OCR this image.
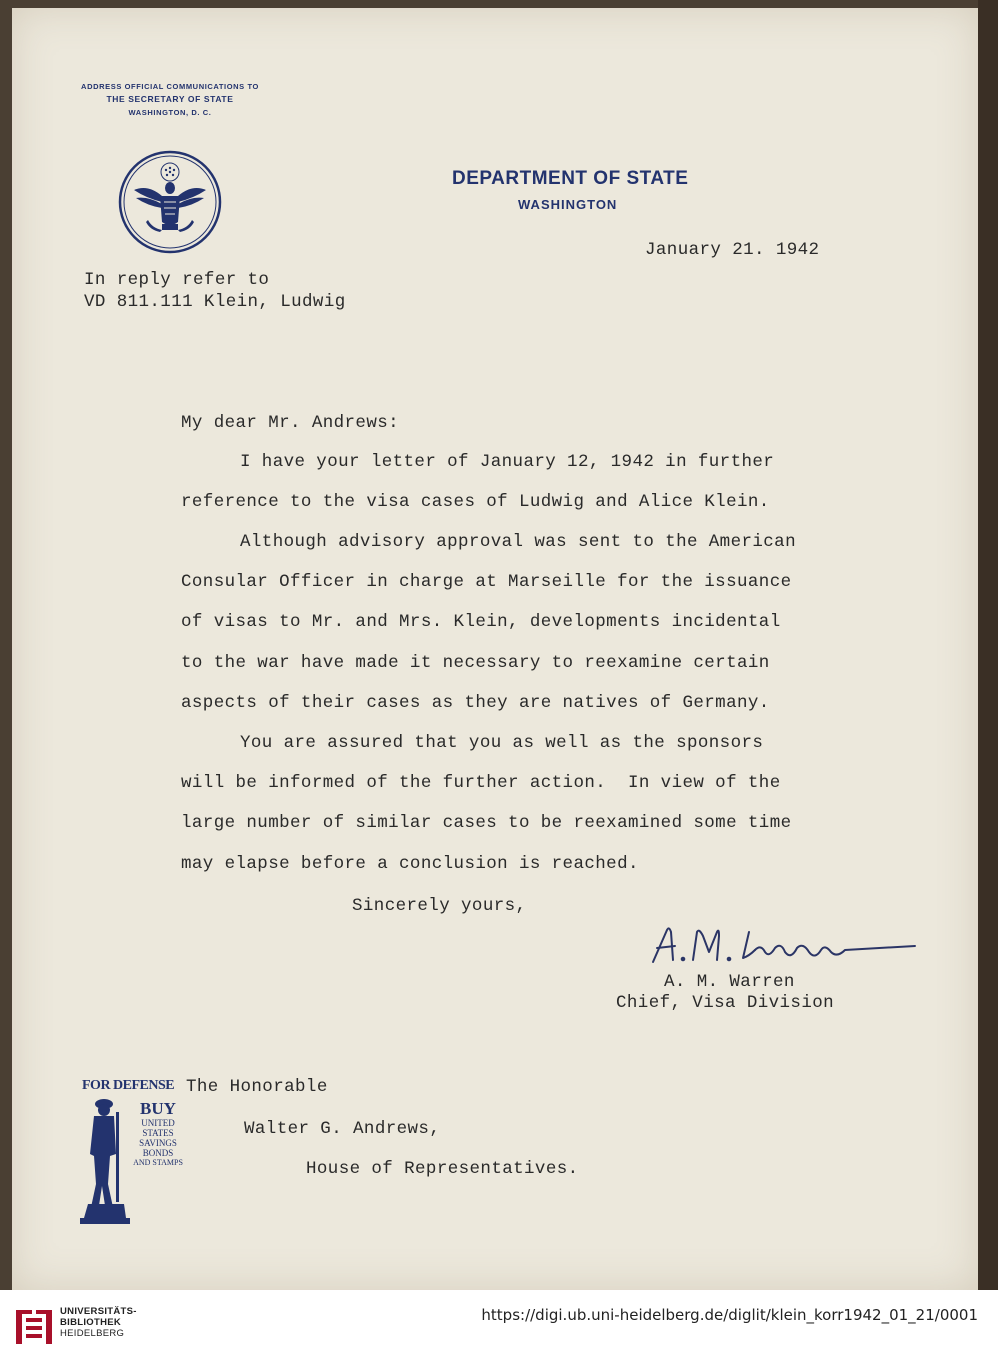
ADDRESS OFFICIAL COMMUNICATIONS TO
THE SECRETARY OF STATE
WASHINGTON, D. C.
DEPARTMENT OF STATE
WASHINGTON
January 21. 1942
In reply refer to
VD 811.111 Klein, Ludwig
My dear Mr. Andrews:
I have your letter of January 12, 1942 in further
reference to the visa cases of Ludwig and Alice Klein.
Although advisory approval was sent to the American
Consular Officer in charge at Marseille for the issuance
of visas to Mr. and Mrs. Klein, developments incidental
to the war have made it necessary to reexamine certain
aspects of their cases as they are natives of Germany.
You are assured that you as well as the sponsors
will be informed of the further action.  In view of the
large number of similar cases to be reexamined some time
may elapse before a conclusion is reached.
Sincerely yours,
A. M. Warren
Chief, Visa Division
FOR DEFENSE
BUY
UNITED
STATES
SAVINGS
BONDS
AND STAMPS
The Honorable
Walter G. Andrews,
House of Representatives.
UNIVERSITÄTS-
BIBLIOTHEK
HEIDELBERG
https://digi.ub.uni-heidelberg.de/diglit/klein_korr1942_01_21/0001
